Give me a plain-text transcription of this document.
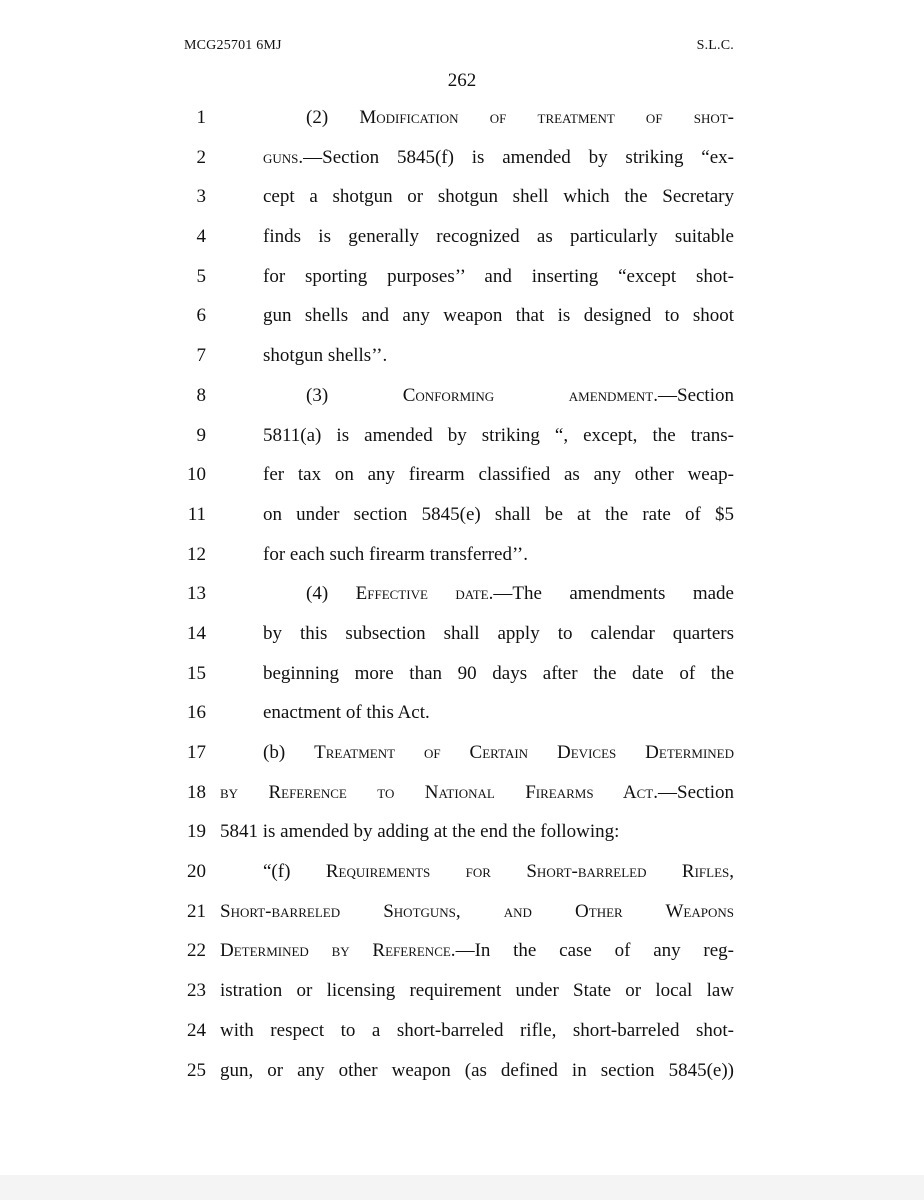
MCG25701 6MJ	S.L.C.
262
1	(2) Modification of treatment of shot-
2	guns.—Section 5845(f) is amended by striking “ex-
3	cept a shotgun or shotgun shell which the Secretary
4	finds is generally recognized as particularly suitable
5	for sporting purposes’’ and inserting “except shot-
6	gun shells and any weapon that is designed to shoot
7	shotgun shells’’.
8	(3) Conforming amendment.—Section
9	5811(a) is amended by striking “, except, the trans-
10	fer tax on any firearm classified as any other weap-
11	on under section 5845(e) shall be at the rate of $5
12	for each such firearm transferred’’.
13	(4) Effective date.—The amendments made
14	by this subsection shall apply to calendar quarters
15	beginning more than 90 days after the date of the
16	enactment of this Act.
17	(b) Treatment of Certain Devices Determined
18 by Reference to National Firearms Act.—Section
19 5841 is amended by adding at the end the following:
20	“(f) Requirements for Short-barreled Rifles,
21 Short-barreled Shotguns, and Other Weapons
22 Determined by Reference.—In the case of any reg-
23 istration or licensing requirement under State or local law
24 with respect to a short-barreled rifle, short-barreled shot-
25 gun, or any other weapon (as defined in section 5845(e))
